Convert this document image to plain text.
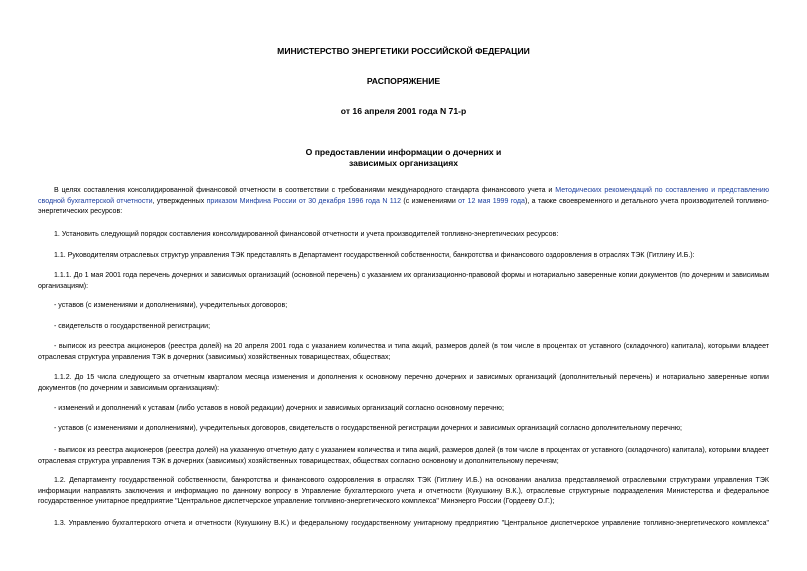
МИНИСТЕРСТВО ЭНЕРГЕТИКИ РОССИЙСКОЙ ФЕДЕРАЦИИ
РАСПОРЯЖЕНИЕ
от 16 апреля 2001 года N 71-р
О предоставлении информации о дочерних и
зависимых организациях
В целях составления консолидированной финансовой отчетности в соответствии с требованиями международного стандарта финансового учета и Методических рекомендаций по составлению и представлению сводной бухгалтерской отчетности, утвержденных приказом Минфина России от 30 декабря 1996 года N 112 (с изменениями от 12 мая 1999 года), а также своевременного и детального учета производителей топливно-энергетических ресурсов:
1. Установить следующий порядок составления консолидированной финансовой отчетности и учета производителей топливно-энергетических ресурсов:
1.1. Руководителям отраслевых структур управления ТЭК представлять в Департамент государственной собственности, банкротства и финансового оздоровления в отраслях ТЭК (Гитлину И.Б.):
1.1.1. До 1 мая 2001 года перечень дочерних и зависимых организаций (основной перечень) с указанием их организационно-правовой формы и нотариально заверенные копии документов (по дочерним и зависимым организациям):
- уставов (с изменениями и дополнениями), учредительных договоров;
- свидетельств о государственной регистрации;
- выписок из реестра акционеров (реестра долей) на 20 апреля 2001 года с указанием количества и типа акций, размеров долей (в том числе в процентах от уставного (складочного) капитала), которыми владеет отраслевая структура управления ТЭК в дочерних (зависимых) хозяйственных товариществах, обществах;
1.1.2. До 15 числа следующего за отчетным кварталом месяца изменения и дополнения к основному перечню дочерних и зависимых организаций (дополнительный перечень) и нотариально заверенные копии документов (по дочерним и зависимым организациям):
- изменений и дополнений к уставам (либо уставов в новой редакции) дочерних и зависимых организаций согласно основному перечню;
- уставов (с изменениями и дополнениями), учредительных договоров, свидетельств о государственной регистрации дочерних и зависимых организаций согласно дополнительному перечню;
- выписок из реестра акционеров (реестра долей) на указанную отчетную дату с указанием количества и типа акций, размеров долей (в том числе в процентах от уставного (складочного) капитала), которыми владеет отраслевая структура управления ТЭК в дочерних (зависимых) хозяйственных товариществах, обществах согласно основному и дополнительному перечням;
1.2. Департаменту государственной собственности, банкротства и финансового оздоровления в отраслях ТЭК (Гитлину И.Б.) на основании анализа представляемой отраслевыми структурами управления ТЭК информации направлять заключения и информацию по данному вопросу в Управление бухгалтерского учета и отчетности (Кукушкину В.К.), отраслевые структурные подразделения Министерства и федеральное государственное унитарное предприятие "Центральное диспетчерское управление топливно-энергетического комплекса" Минэнерго России (Гордееву О.Г.);
1.3. Управлению бухгалтерского отчета и отчетности (Кукушкину В.К.) и федеральному государственному унитарному предприятию "Центральное диспетчерское управление топливно-энергетического комплекса"
